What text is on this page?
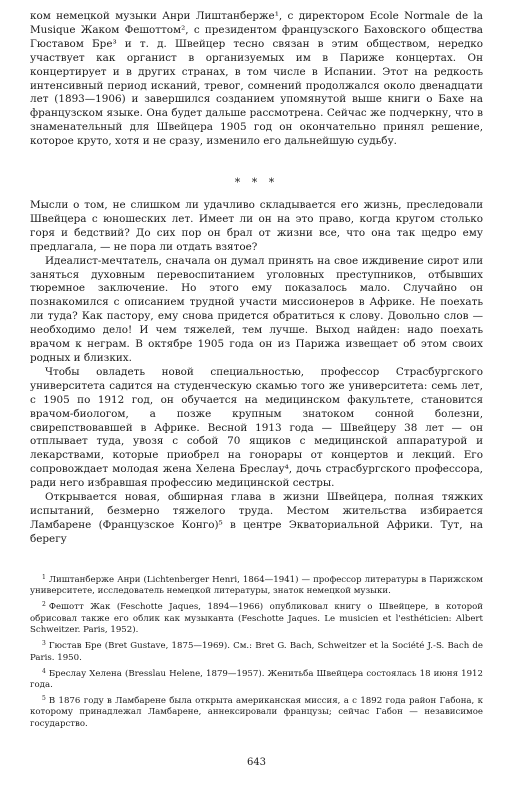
ком немецкой музыки Анри Лиштанберже¹, с директором Ecole Normale de la Musique Жаком Фешоттом², с президентом французского Баховского общества Гюставом Бре³ и т. д. Швейцер тесно связан в этим обществом, нередко участвует как органист в организуемых им в Париже концертах. Он концертирует и в других странах, в том числе в Испании. Этот на редкость интенсивный период исканий, тревог, сомнений продолжался около двенадцати лет (1893—1906) и завершился созданием упомянутой выше книги о Бахе на французском языке. Она будет дальше рассмотрена. Сейчас же подчеркну, что в знаменательный для Швейцера 1905 год он окончательно принял решение, которое круто, хотя и не сразу, изменило его дальнейшую судьбу.

* * *

Мысли о том, не слишком ли удачливо складывается его жизнь, преследовали Швейцера с юношеских лет. Имеет ли он на это право, когда кругом столько горя и бедствий? До сих пор он брал от жизни все, что она так щедро ему предлагала, — не пора ли отдать взятое?

Идеалист-мечтатель, сначала он думал принять на свое иждивение сирот или заняться духовным перевоспитанием уголовных преступников, отбывших тюремное заключение. Но этого ему показалось мало. Случайно он познакомился с описанием трудной участи миссионеров в Африке. Не поехать ли туда? Как пастору, ему снова придется обратиться к слову. Довольно слов — необходимо дело! И чем тяжелей, тем лучше. Выход найден: надо поехать врачом к неграм. В октябре 1905 года он из Парижа извещает об этом своих родных и близких.

Чтобы овладеть новой специальностью, профессор Страсбургского университета садится на студенческую скамью того же университета: семь лет, с 1905 по 1912 год, он обучается на медицинском факультете, становится врачом-биологом, а позже крупным знатоком сонной болезни, свирепствовавшей в Африке. Весной 1913 года — Швейцеру 38 лет — он отплывает туда, увозя с собой 70 ящиков с медицинской аппаратурой и лекарствами, которые приобрел на гонорары от концертов и лекций. Его сопровождает молодая жена Хелена Бреслау⁴, дочь страсбургского профессора, ради него избравшая профессию медицинской сестры.

Открывается новая, обширная глава в жизни Швейцера, полная тяжких испытаний, безмерно тяжелого труда. Местом жительства избирается Ламбарене (Французское Конго)⁵ в центре Экваториальной Африки. Тут, на берегу

$^1$ Лиштанберже Анри (Lichtenberger Henri, 1864—1941) — профессор литературы в Парижском университете, исследователь немецкой литературы, знаток немецкой музыки.

$^2$ Фешотт Жак (Feschotte Jaques, 1894—1966) опубликовал книгу о Швейцере, в которой обрисовал также его облик как музыканта (Feschotte Jaques. Le musicien et l'esthéticien: Albert Schweitzer. Paris, 1952).

$^3$ Гюстав Бре (Bret Gustave, 1875—1969). См.: Bret G. Bach, Schweitzer et la Société J.-S. Bach de Paris. 1950.

$^4$ Бреслау Хелена (Bresslau Helene, 1879—1957). Женитьба Швейцера состоялась 18 июня 1912 года.

$^5$ В 1876 году в Ламбарене была открыта американская миссия, а с 1892 года район Габона, к которому принадлежал Ламбарене, аннексировали французы; сейчас Габон — независимое государство.

643
